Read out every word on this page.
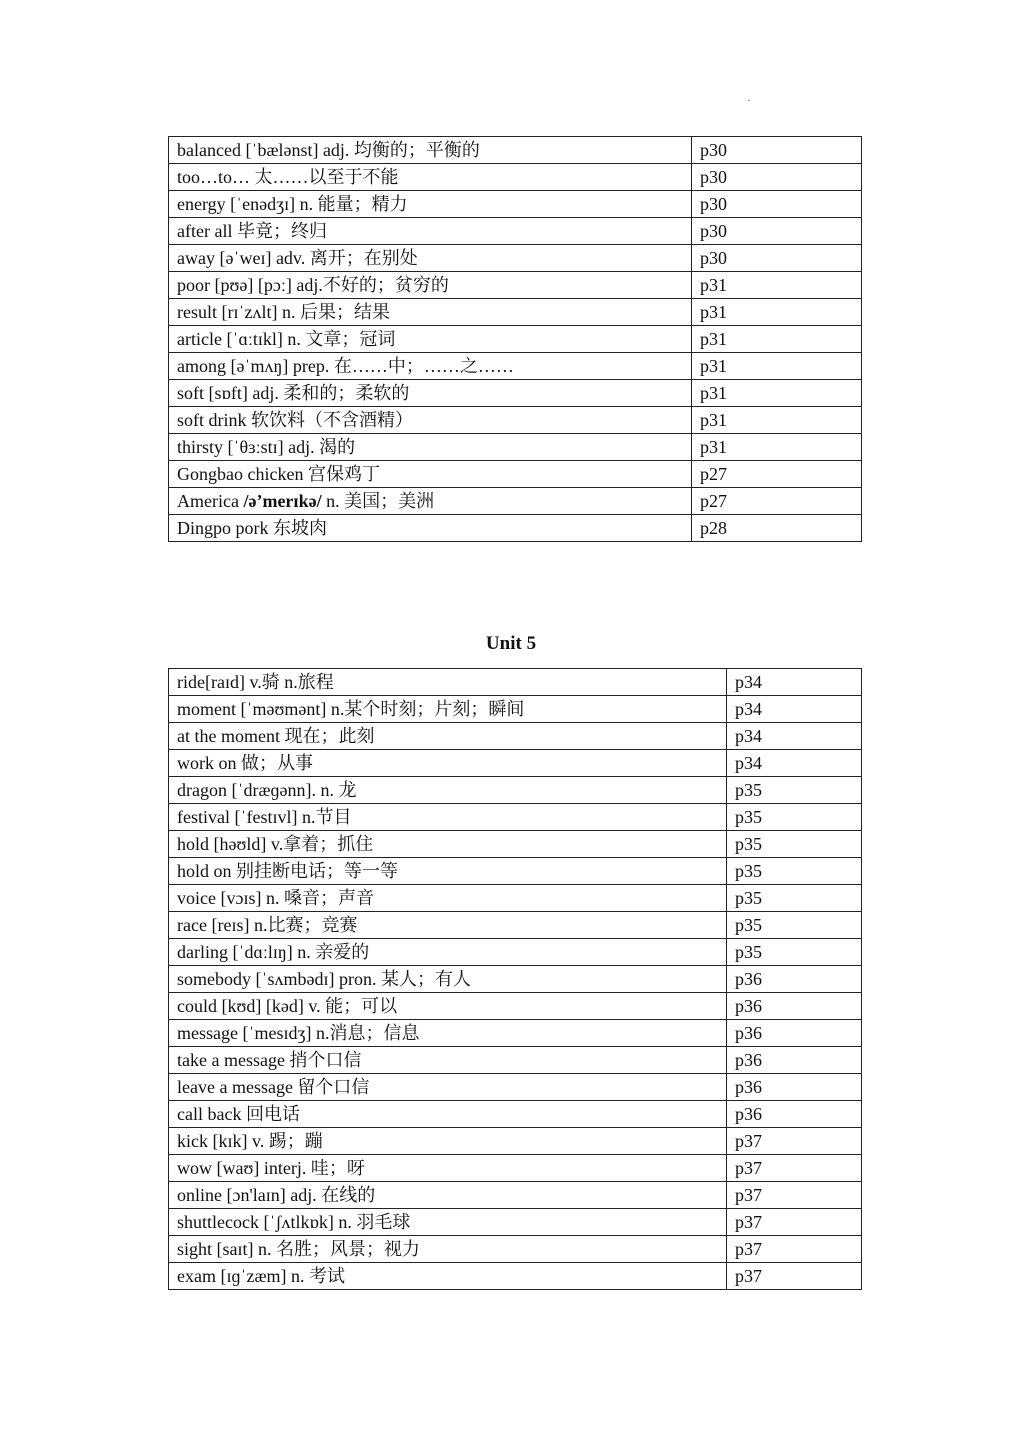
balanced [ˈbælənst] adj. 均衡的；平衡的	p30
too…to… 太……以至于不能	p30
energy [ˈenədʒɪ] n. 能量；精力	p30
after all 毕竟；终归	p30
away [əˈweɪ] adv. 离开；在别处	p30
poor [pʊə] [pɔː] adj.不好的；贫穷的	p31
result [rɪˈzʌlt] n. 后果；结果	p31
article [ˈɑːtɪkl] n. 文章；冠词	p31
among [əˈmʌŋ] prep. 在……中；……之……	p31
soft [sɒft] adj. 柔和的；柔软的	p31
soft drink 软饮料（不含酒精）	p31
thirsty [ˈθɜːstɪ] adj. 渴的	p31
Gongbao chicken 宫保鸡丁	p27
America /ə’merɪkə/ n. 美国；美洲	p27
Dingpo pork 东坡肉	p28
Unit 5
ride[raɪd] v.骑 n.旅程	p34
moment [ˈməʊmənt] n.某个时刻；片刻；瞬间	p34
at the moment 现在；此刻	p34
work on 做；从事	p34
dragon [ˈdræɡənn]. n. 龙	p35
festival [ˈfestɪvl] n.节目	p35
hold [həʊld] v.拿着；抓住	p35
hold on 别挂断电话；等一等	p35
voice [vɔɪs] n. 嗓音；声音	p35
race [reɪs] n.比赛；竞赛	p35
darling [ˈdɑːlɪŋ] n. 亲爱的	p35
somebody [ˈsʌmbədɪ] pron. 某人；有人	p36
could [kʊd] [kəd] v. 能；可以	p36
message [ˈmesɪdʒ] n.消息；信息	p36
take a message 捎个口信	p36
leave a message 留个口信	p36
call back 回电话	p36
kick [kɪk] v. 踢；蹦	p37
wow [waʊ] interj. 哇；呀	p37
online [ɔn'laɪn] adj. 在线的	p37
shuttlecock [ˈʃʌtlkɒk] n. 羽毛球	p37
sight [saɪt] n. 名胜；风景；视力	p37
exam [ɪɡˈzæm] n. 考试	p37
